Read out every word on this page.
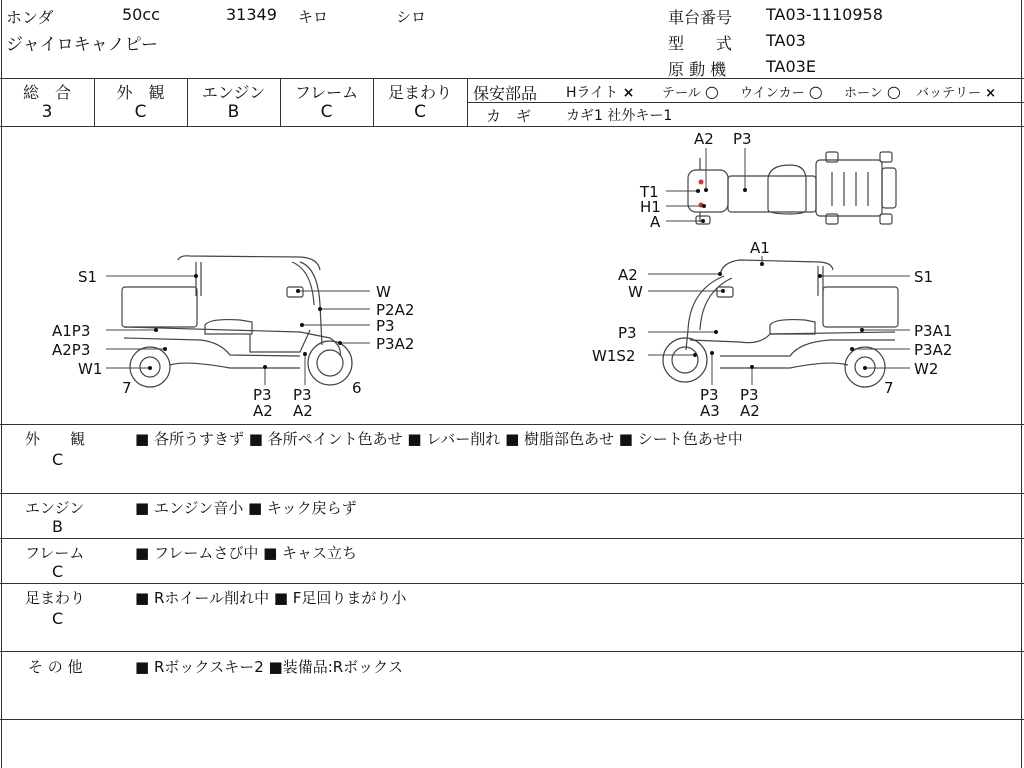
ホンダ	50cc	31349 キロ	シロ
ジャイロキャノピー
車台番号 TA03-1110958
型　　式 TA03
原 動 機 TA03E
総　合
3
外　観
C
エンジン
B
フレーム
C
足まわり
C
保安部品 Hライト × テール ○ ウインカー ○ ホーン ○ バッテリー ×
カ　ギ カギ1 社外キー1
S1
W
P2A2
A1P3	P3
A2P3	P3A2
W1
7	6
P3
A2
P3
A2
A1
A2	S1
W
P3	P3A1
W1S2	P3A2
W2
7
P3
A3
P3
A2
A2 P3
T1
H1
A
外　　観
C
■ 各所うすきず ■ 各所ペイント色あせ ■ レバー削れ ■ 樹脂部色あせ ■ シート色あせ中
エンジン
B
■ エンジン音小 ■ キック戻らず
フレーム
C
■ フレームさび中 ■ キャス立ち
足まわり
C
■ Rホイール削れ中 ■ F足回りまがり小
そ の 他	■ Rボックスキー2 ■装備品:Rボックス
